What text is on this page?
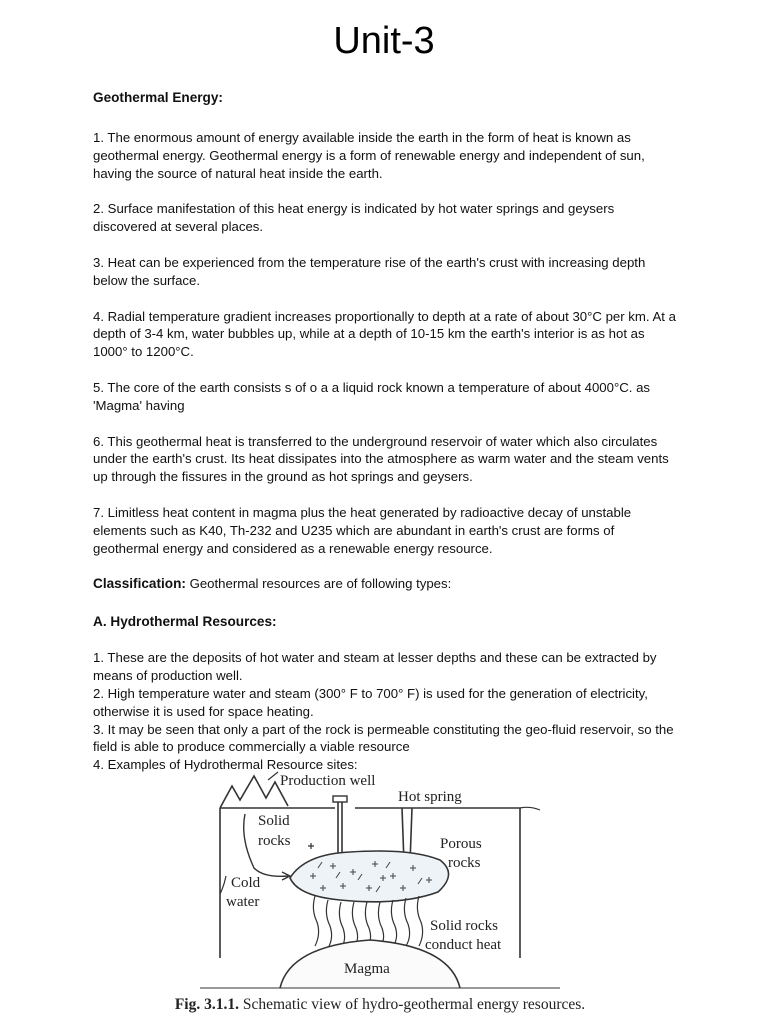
Unit-3
Geothermal Energy:

1. The enormous amount of energy available inside the earth in the form of heat is known as geothermal energy. Geothermal energy is a form of renewable energy and independent of sun, having the source of natural heat inside the earth.

2. Surface manifestation of this heat energy is indicated by hot water springs and geysers discovered at several places.

3. Heat can be experienced from the temperature rise of the earth's crust with increasing depth below the surface.

4. Radial temperature gradient increases proportionally to depth at a rate of about 30°C per km. At a depth of 3-4 km, water bubbles up, while at a depth of 10-15 km the earth's interior is as hot as 1000° to 1200°C.

5. The core of the earth consists s of o a a liquid rock known a temperature of about 4000°C. as 'Magma' having

6. This geothermal heat is transferred to the underground reservoir of water which also circulates under the earth's crust. Its heat dissipates into the atmosphere as warm water and the steam vents up through the fissures in the ground as hot springs and geysers.

7. Limitless heat content in magma plus the heat generated by radioactive decay of unstable elements such as K40, Th-232 and U235 which are abundant in earth's crust are forms of geothermal energy and considered as a renewable energy resource.

Classification: Geothermal resources are of following types:
A. Hydrothermal Resources:

1. These are the deposits of hot water and steam at lesser depths and these can be extracted by means of production well.

2. High temperature water and steam (300° F to 700° F) is used for the generation of electricity, otherwise it is used for space heating.

3. It may be seen that only a part of the rock is permeable constituting the geo-fluid reservoir, so the field is able to produce commercially a viable resource

4. Examples of Hydrothermal Resource sites:

Production well
Hot spring
Solid
rocks	Porous
rocks
Cold
water
Solid rocks
conduct heat
Magma
Fig. 3.1.1. Schematic view of hydro-geothermal energy resources.
